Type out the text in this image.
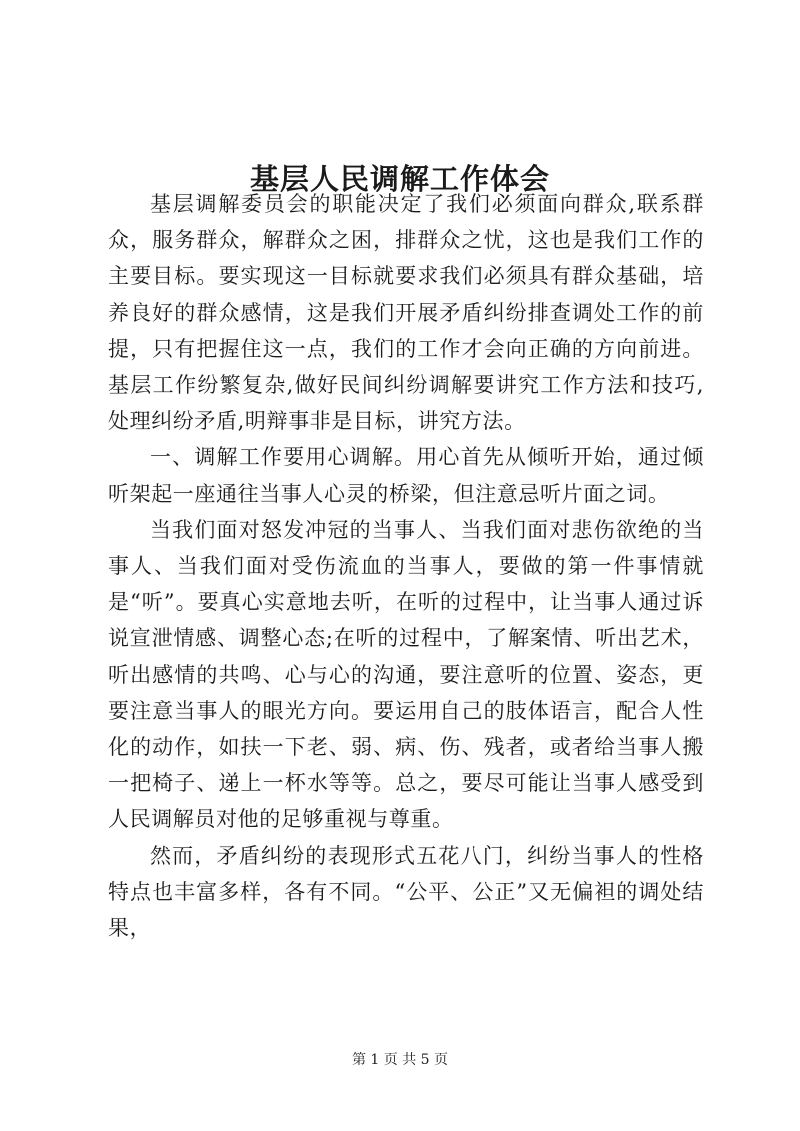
基层人民调解工作体会

基层调解委员会的职能决定了我们必须面向群众,联系群众，服务群众，解群众之困，排群众之忧，这也是我们工作的主要目标。要实现这一目标就要求我们必须具有群众基础，培养良好的群众感情，这是我们开展矛盾纠纷排查调处工作的前提，只有把握住这一点，我们的工作才会向正确的方向前进。基层工作纷繁复杂,做好民间纠纷调解要讲究工作方法和技巧,处理纠纷矛盾,明辩事非是目标，讲究方法。

一、调解工作要用心调解。用心首先从倾听开始，通过倾听架起一座通往当事人心灵的桥梁，但注意忌听片面之词。

当我们面对怒发冲冠的当事人、当我们面对悲伤欲绝的当事人、当我们面对受伤流血的当事人，要做的第一件事情就是“听”。要真心实意地去听，在听的过程中，让当事人通过诉说宣泄情感、调整心态;在听的过程中，了解案情、听出艺术，听出感情的共鸣、心与心的沟通，要注意听的位置、姿态，更要注意当事人的眼光方向。要运用自己的肢体语言，配合人性化的动作，如扶一下老、弱、病、伤、残者，或者给当事人搬一把椅子、递上一杯水等等。总之，要尽可能让当事人感受到人民调解员对他的足够重视与尊重。

然而，矛盾纠纷的表现形式五花八门，纠纷当事人的性格特点也丰富多样，各有不同。“公平、公正”又无偏袒的调处结果，

第 1 页 共 5 页
